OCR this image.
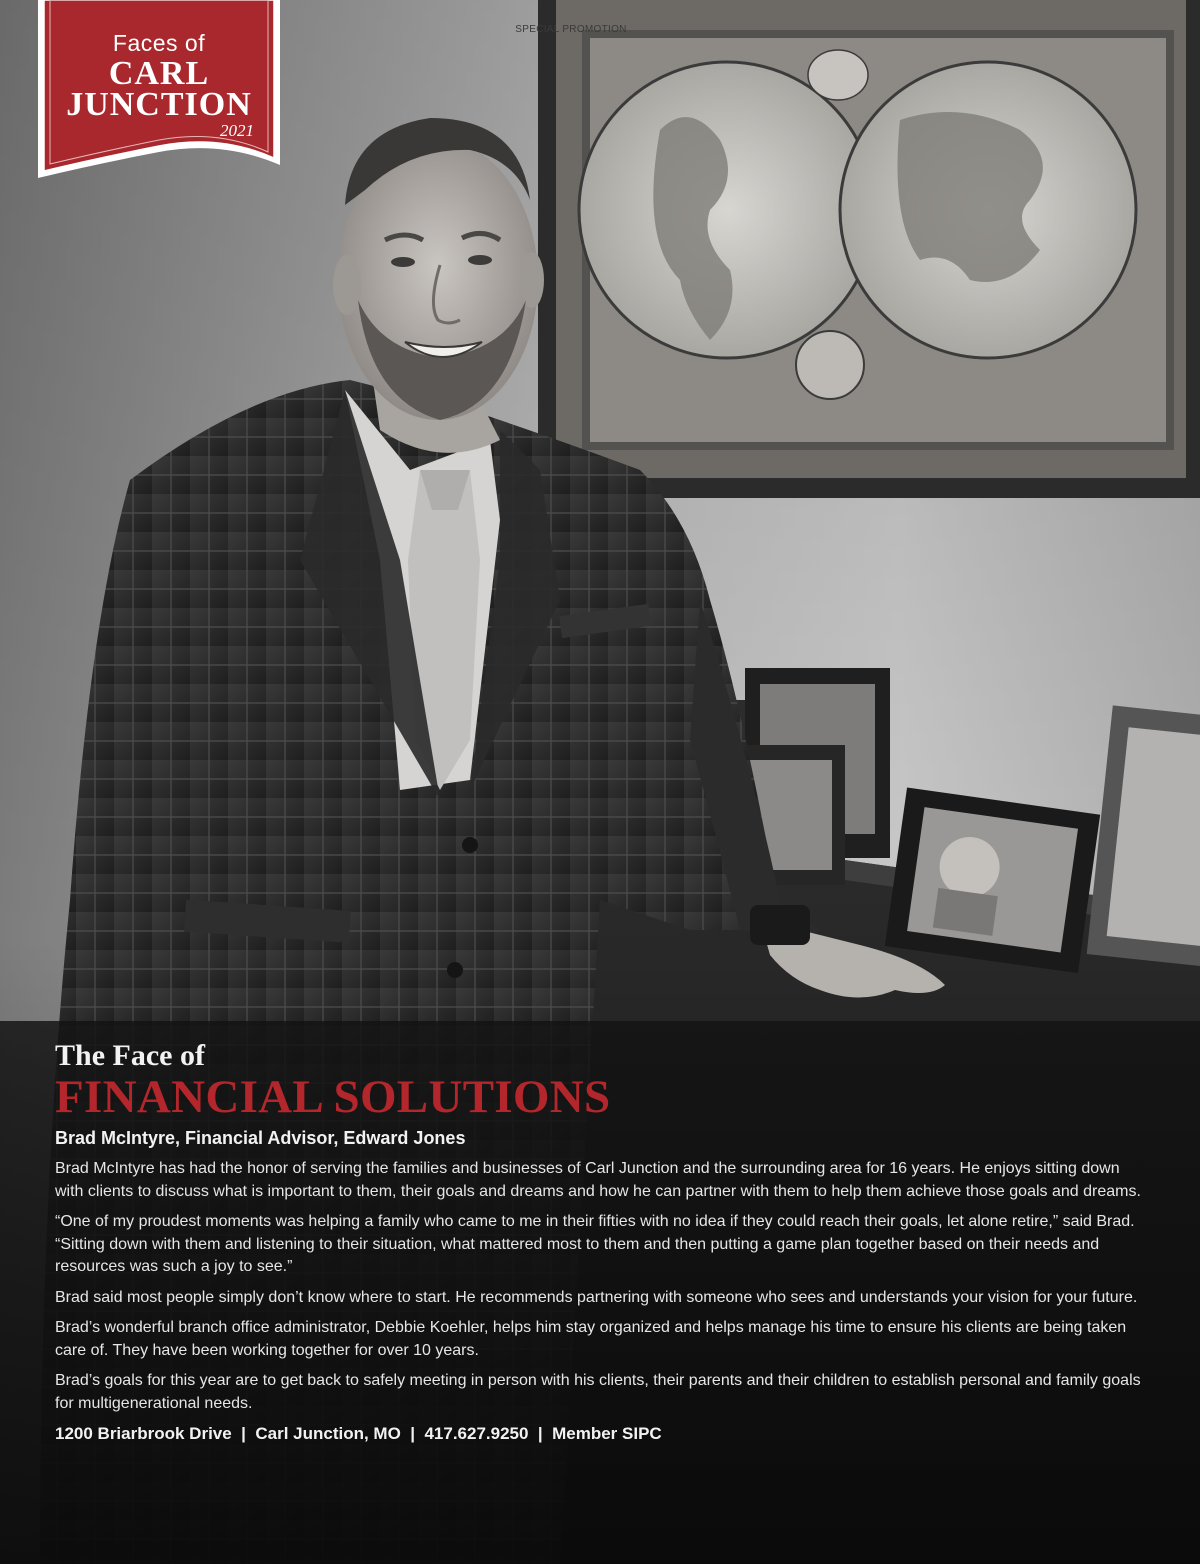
SPECIAL PROMOTION
Faces of
CARL
JUNCTION
2021

The Face of

FINANCIAL SOLUTIONS

Brad McIntyre, Financial Advisor, Edward Jones

Brad McIntyre has had the honor of serving the families and businesses of Carl Junction and the surrounding area for 16 years. He enjoys sitting down with clients to discuss what is important to them, their goals and dreams and how he can partner with them to help them achieve those goals and dreams.

“One of my proudest moments was helping a family who came to me in their fifties with no idea if they could reach their goals, let alone retire,” said Brad. “Sitting down with them and listening to their situation, what mattered most to them and then putting a game plan together based on their needs and resources was such a joy to see.”

Brad said most people simply don’t know where to start. He recommends partnering with someone who sees and understands your vision for your future.

Brad’s wonderful branch office administrator, Debbie Koehler, helps him stay organized and helps manage his time to ensure his clients are being taken care of. They have been working together for over 10 years.

Brad’s goals for this year are to get back to safely meeting in person with his clients, their parents and their children to establish personal and family goals for multigenerational needs.

1200 Briarbrook Drive  |  Carl Junction, MO  |  417.627.9250  |  Member SIPC
